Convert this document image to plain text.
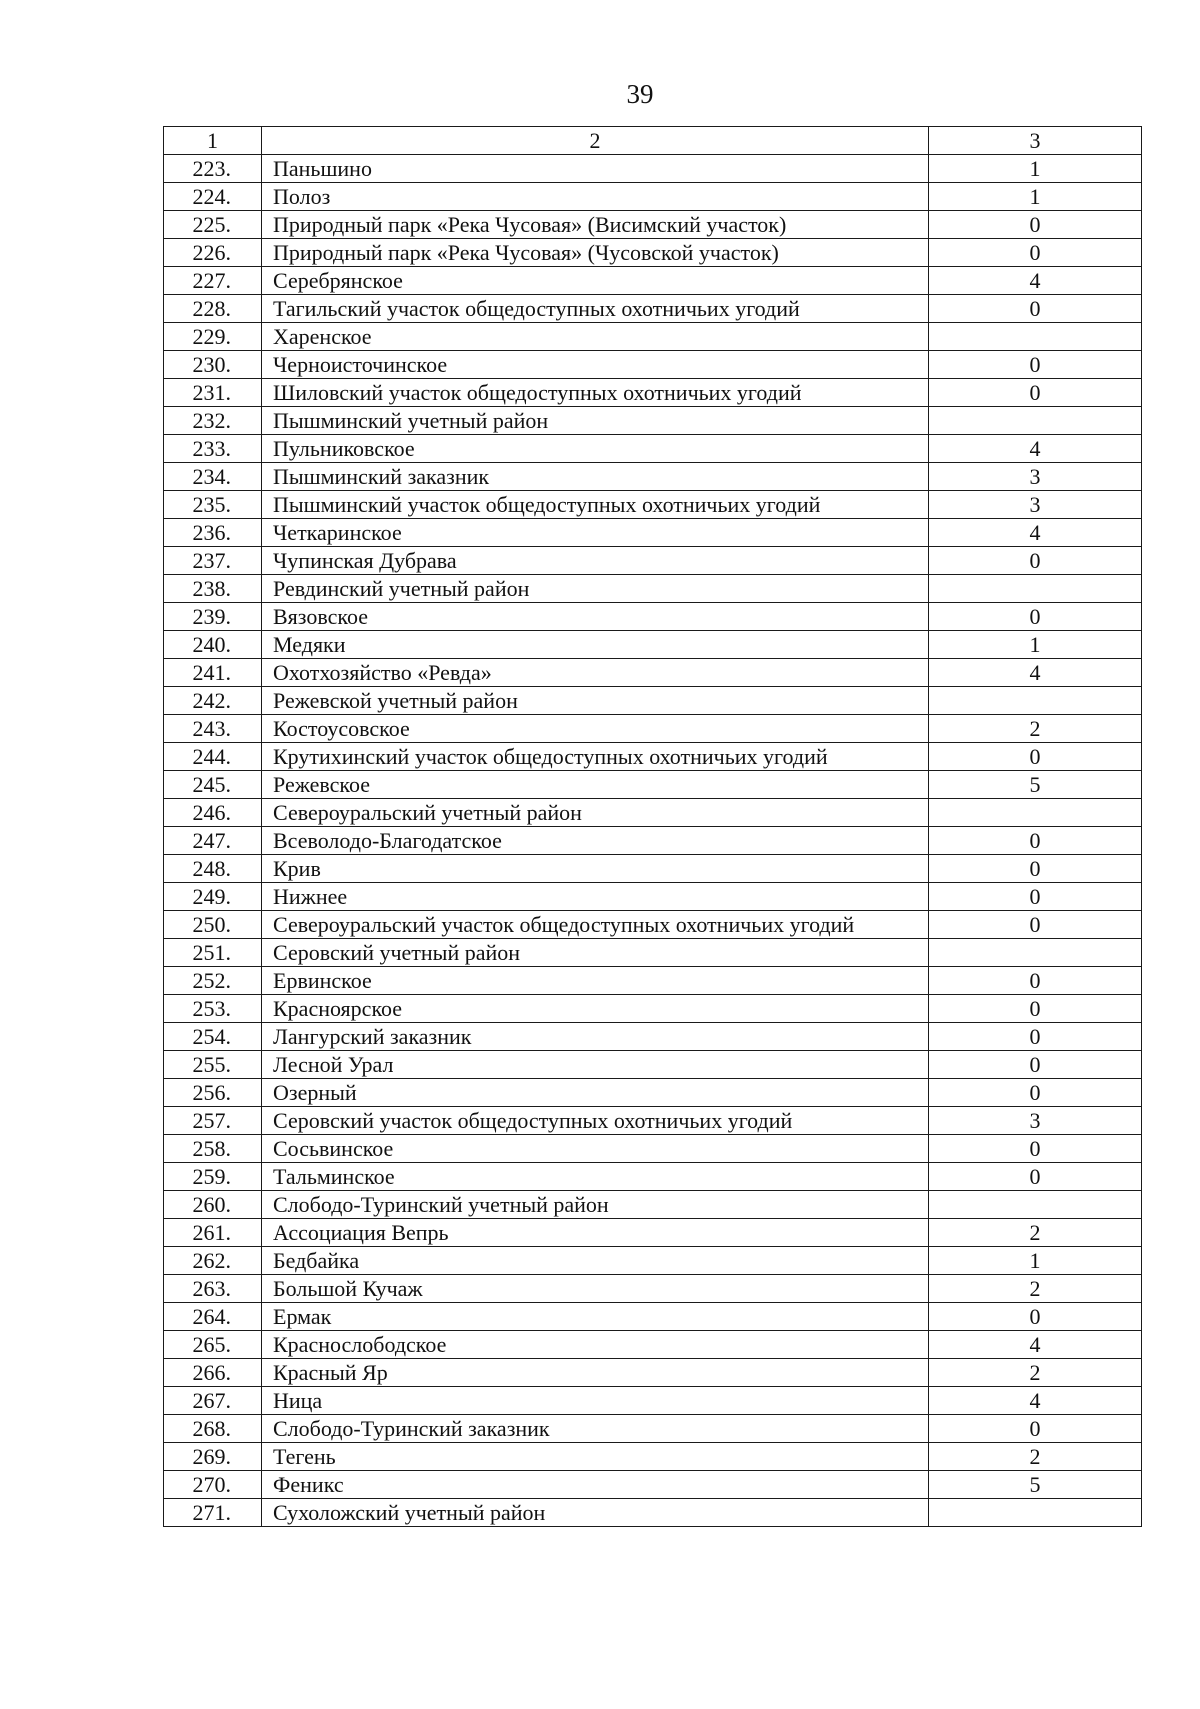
39
1	2	3
223.	Паньшино	1
224.	Полоз	1
225.	Природный парк «Река Чусовая» (Висимский участок)	0
226.	Природный парк «Река Чусовая» (Чусовской участок)	0
227.	Серебрянское	4
228.	Тагильский участок общедоступных охотничьих угодий	0
229.	Харенское	
230.	Черноисточинское	0
231.	Шиловский участок общедоступных охотничьих угодий	0
232.	Пышминский учетный район	
233.	Пульниковское	4
234.	Пышминский заказник	3
235.	Пышминский участок общедоступных охотничьих угодий	3
236.	Четкаринское	4
237.	Чупинская Дубрава	0
238.	Ревдинский учетный район	
239.	Вязовское	0
240.	Медяки	1
241.	Охотхозяйство «Ревда»	4
242.	Режевской учетный район	
243.	Костоусовское	2
244.	Крутихинский участок общедоступных охотничьих угодий	0
245.	Режевское	5
246.	Североуральский учетный район	
247.	Всеволодо-Благодатское	0
248.	Крив	0
249.	Нижнее	0
250.	Североуральский участок общедоступных охотничьих угодий	0
251.	Серовский учетный район	
252.	Ервинское	0
253.	Красноярское	0
254.	Лангурский заказник	0
255.	Лесной Урал	0
256.	Озерный	0
257.	Серовский участок общедоступных охотничьих угодий	3
258.	Сосьвинское	0
259.	Тальминское	0
260.	Слободо-Туринский учетный район	
261.	Ассоциация Вепрь	2
262.	Бедбайка	1
263.	Большой Кучаж	2
264.	Ермак	0
265.	Краснослободское	4
266.	Красный Яр	2
267.	Ница	4
268.	Слободо-Туринский заказник	0
269.	Тегень	2
270.	Феникс	5
271.	Сухоложский учетный район	
